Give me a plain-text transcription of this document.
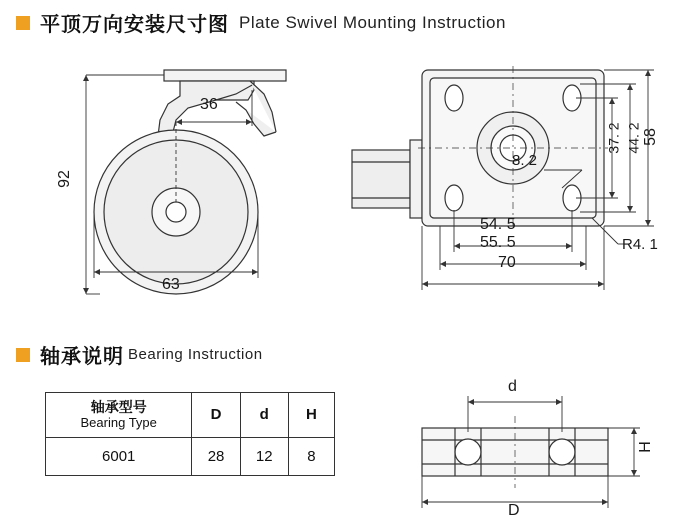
平顶万向安装尺寸图 Plate Swivel Mounting Instruction
92
36
63
54. 5
55. 5
70
58
44. 2
37. 2
8. 2
R4. 1
轴承说明 Bearing Instruction
轴承型号
Bearing Type	D	d	H
6001	28	12	8
d
D
H
